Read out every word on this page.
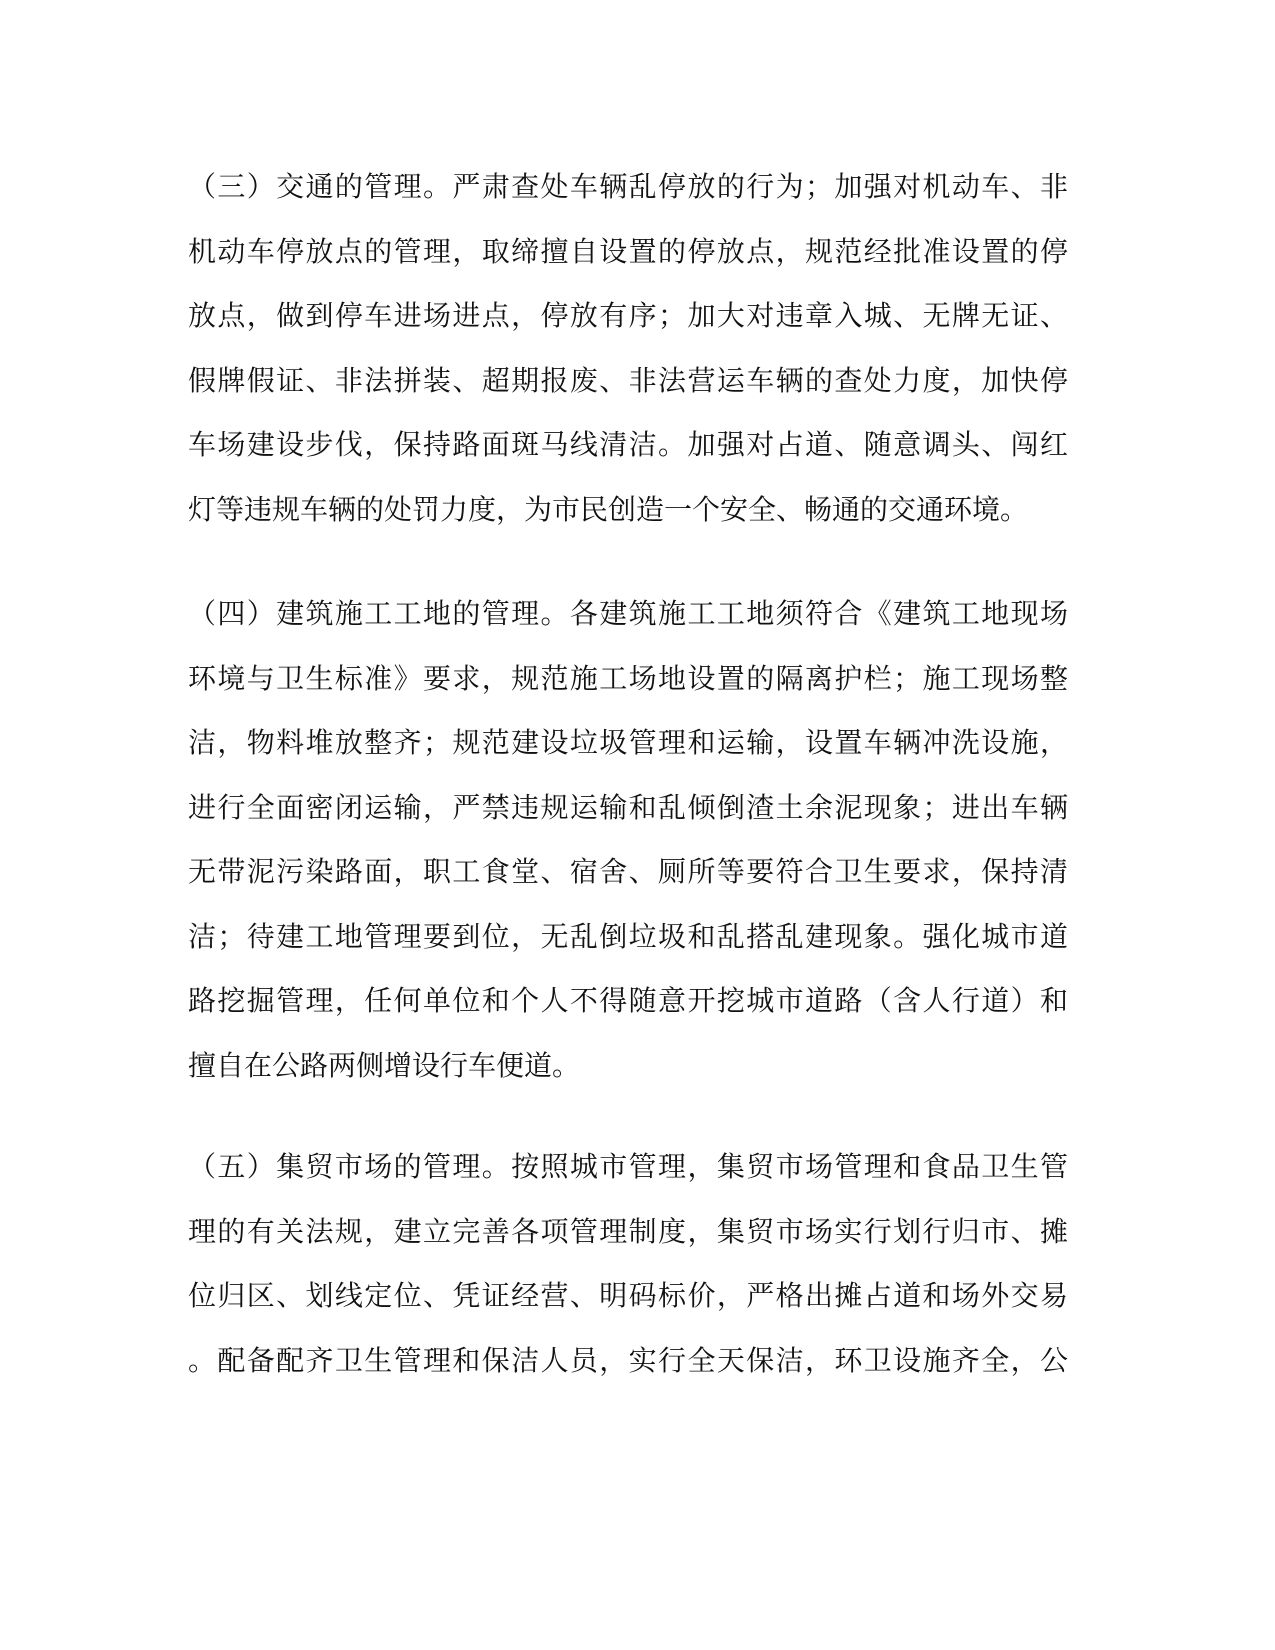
（三）交通的管理。严肃查处车辆乱停放的行为；加强对机动车、非
机动车停放点的管理，取缔擅自设置的停放点，规范经批准设置的停
放点，做到停车进场进点，停放有序；加大对违章入城、无牌无证、
假牌假证、非法拼装、超期报废、非法营运车辆的查处力度，加快停
车场建设步伐，保持路面斑马线清洁。加强对占道、随意调头、闯红
灯等违规车辆的处罚力度，为市民创造一个安全、畅通的交通环境。
（四）建筑施工工地的管理。各建筑施工工地须符合《建筑工地现场
环境与卫生标准》要求，规范施工场地设置的隔离护栏；施工现场整
洁，物料堆放整齐；规范建设垃圾管理和运输，设置车辆冲洗设施，
进行全面密闭运输，严禁违规运输和乱倾倒渣土余泥现象；进出车辆
无带泥污染路面，职工食堂、宿舍、厕所等要符合卫生要求，保持清
洁；待建工地管理要到位，无乱倒垃圾和乱搭乱建现象。强化城市道
路挖掘管理，任何单位和个人不得随意开挖城市道路（含人行道）和
擅自在公路两侧增设行车便道。
（五）集贸市场的管理。按照城市管理，集贸市场管理和食品卫生管
理的有关法规，建立完善各项管理制度，集贸市场实行划行归市、摊
位归区、划线定位、凭证经营、明码标价，严格出摊占道和场外交易
。配备配齐卫生管理和保洁人员，实行全天保洁，环卫设施齐全，公
